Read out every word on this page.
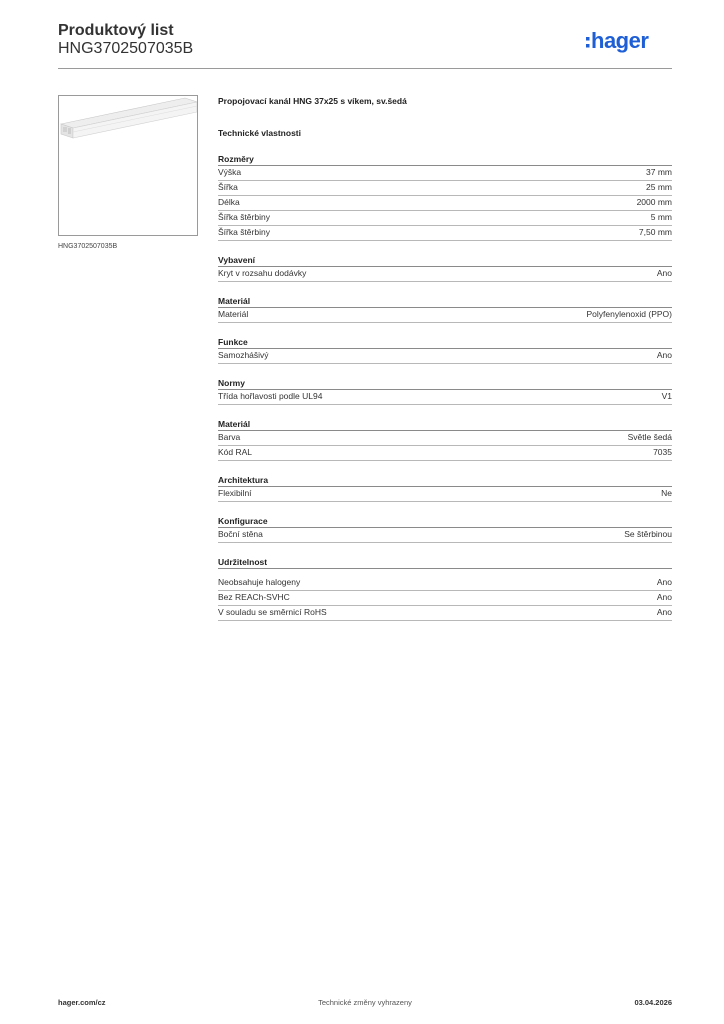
Produktový list
HNG3702507035B	hager
HNG3702507035B
Propojovací kanál HNG 37x25 s víkem, sv.šedá
Technické vlastnosti
Rozměry
Výška	37 mm
Šířka	25 mm
Délka	2000 mm
Šířka štěrbiny	5 mm
Šířka štěrbiny	7,50 mm
Vybavení
Kryt v rozsahu dodávky	Ano
Materiál
Materiál	Polyfenylenoxid (PPO)
Funkce
Samozhášivý	Ano
Normy
Třída hořlavosti podle UL94	V1
Materiál
Barva	Světle šedá
Kód RAL	7035
Architektura
Flexibilní	Ne
Konfigurace
Boční stěna	Se štěrbinou
Udržitelnost
Neobsahuje halogeny	Ano
Bez REACh-SVHC	Ano
V souladu se směrnicí RoHS	Ano
hager.com/cz	Technické změny vyhrazeny	03.04.2026
